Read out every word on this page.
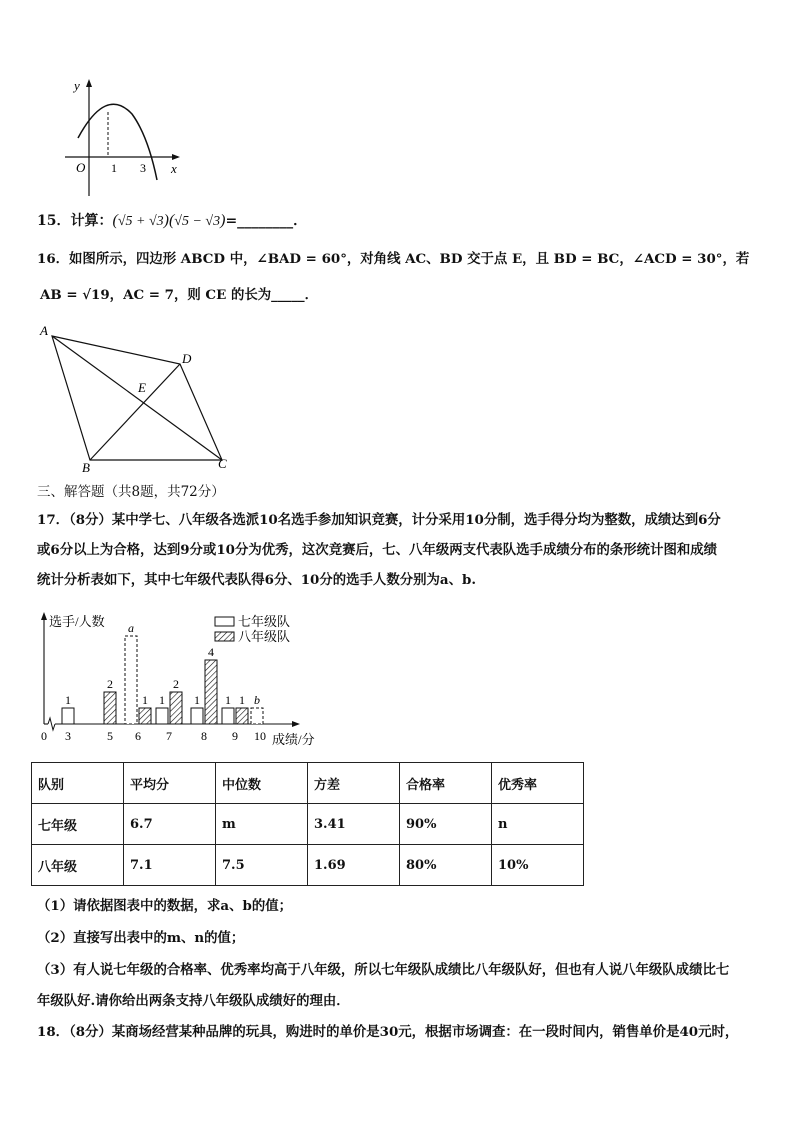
y
O 1 3 x
15．计算：(√5 + √3)(√5 − √3)=________．
16．如图所示，四边形 ABCD 中，∠BAD = 60°，对角线 AC、BD 交于点 E，且 BD = BC，∠ACD = 30°，若
AB = √19，AC = 7，则 CE 的长为_____．
A
D
E
B	C
三、解答题（共8题，共72分）
17．（8分）某中学七、八年级各选派10名选手参加知识竞赛，计分采用10分制，选手得分均为整数，成绩达到6分
或6分以上为合格，达到9分或10分为优秀，这次竞赛后，七、八年级两支代表队选手成绩分布的条形统计图和成绩
统计分析表如下，其中七年级代表队得6分、10分的选手人数分别为a、b.
选手/人数
成绩/分
0
七年级队
八年级队
3
1
5
2
6
a
1
7
1
2
8
1
4
9
1 1
10
b
队别	平均分	中位数	方差	合格率	优秀率
七年级	6.7	m	3.41	90%	n
八年级	7.1	7.5	1.69	80%	10%
（1）请依据图表中的数据，求a、b的值；
（2）直接写出表中的m、n的值；
（3）有人说七年级的合格率、优秀率均高于八年级，所以七年级队成绩比八年级队好，但也有人说八年级队成绩比七
年级队好.请你给出两条支持八年级队成绩好的理由．
18．（8分）某商场经营某种品牌的玩具，购进时的单价是30元，根据市场调查：在一段时间内，销售单价是40元时，
